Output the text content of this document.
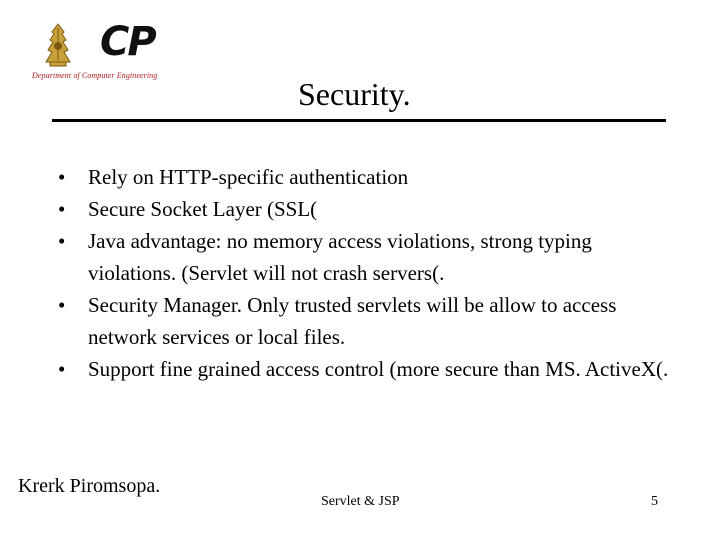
CP
Department of Computer Engineering
Security.
• Rely on HTTP-specific authentication
• Secure Socket Layer (SSL(
• Java advantage: no memory access violations, strong typing violations. (Servlet will not crash servers(.
• Security Manager. Only trusted servlets will be allow to access network services or local files.
• Support fine grained access control (more secure than MS. ActiveX(.
Krerk Piromsopa.
Servlet & JSP	5
